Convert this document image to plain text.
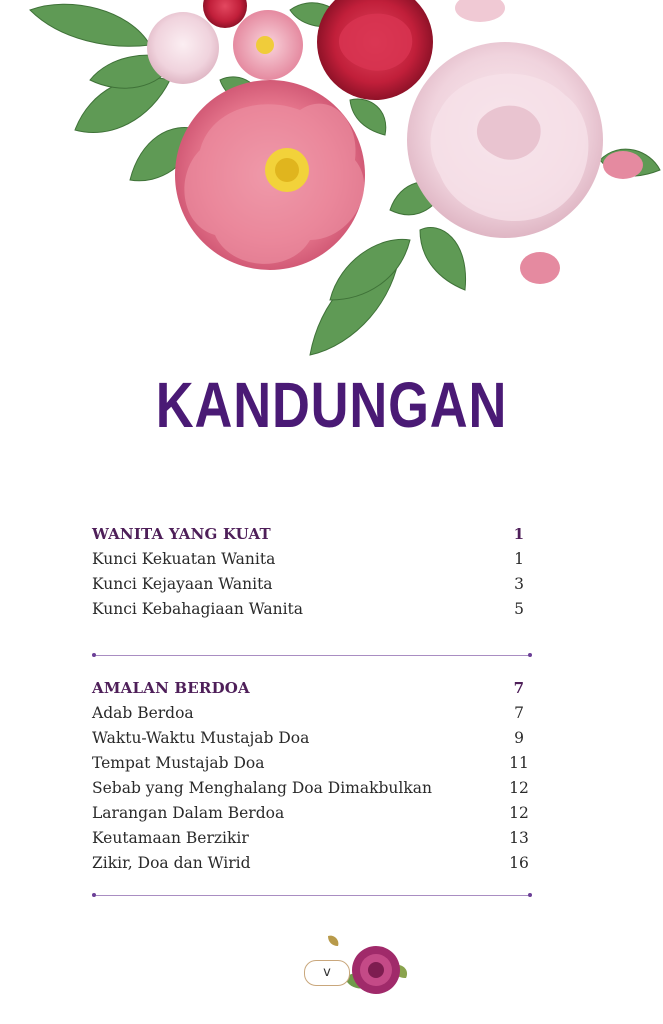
KANDUNGAN
WANITA YANG KUAT	1
Kunci Kekuatan Wanita	1
Kunci Kejayaan Wanita	3
Kunci Kebahagiaan Wanita	5
AMALAN BERDOA	7
Adab Berdoa	7
Waktu-Waktu Mustajab Doa	9
Tempat Mustajab Doa	11
Sebab yang Menghalang Doa Dimakbulkan	12
Larangan Dalam Berdoa	12
Keutamaan Berzikir	13
Zikir, Doa dan Wirid	16
v
